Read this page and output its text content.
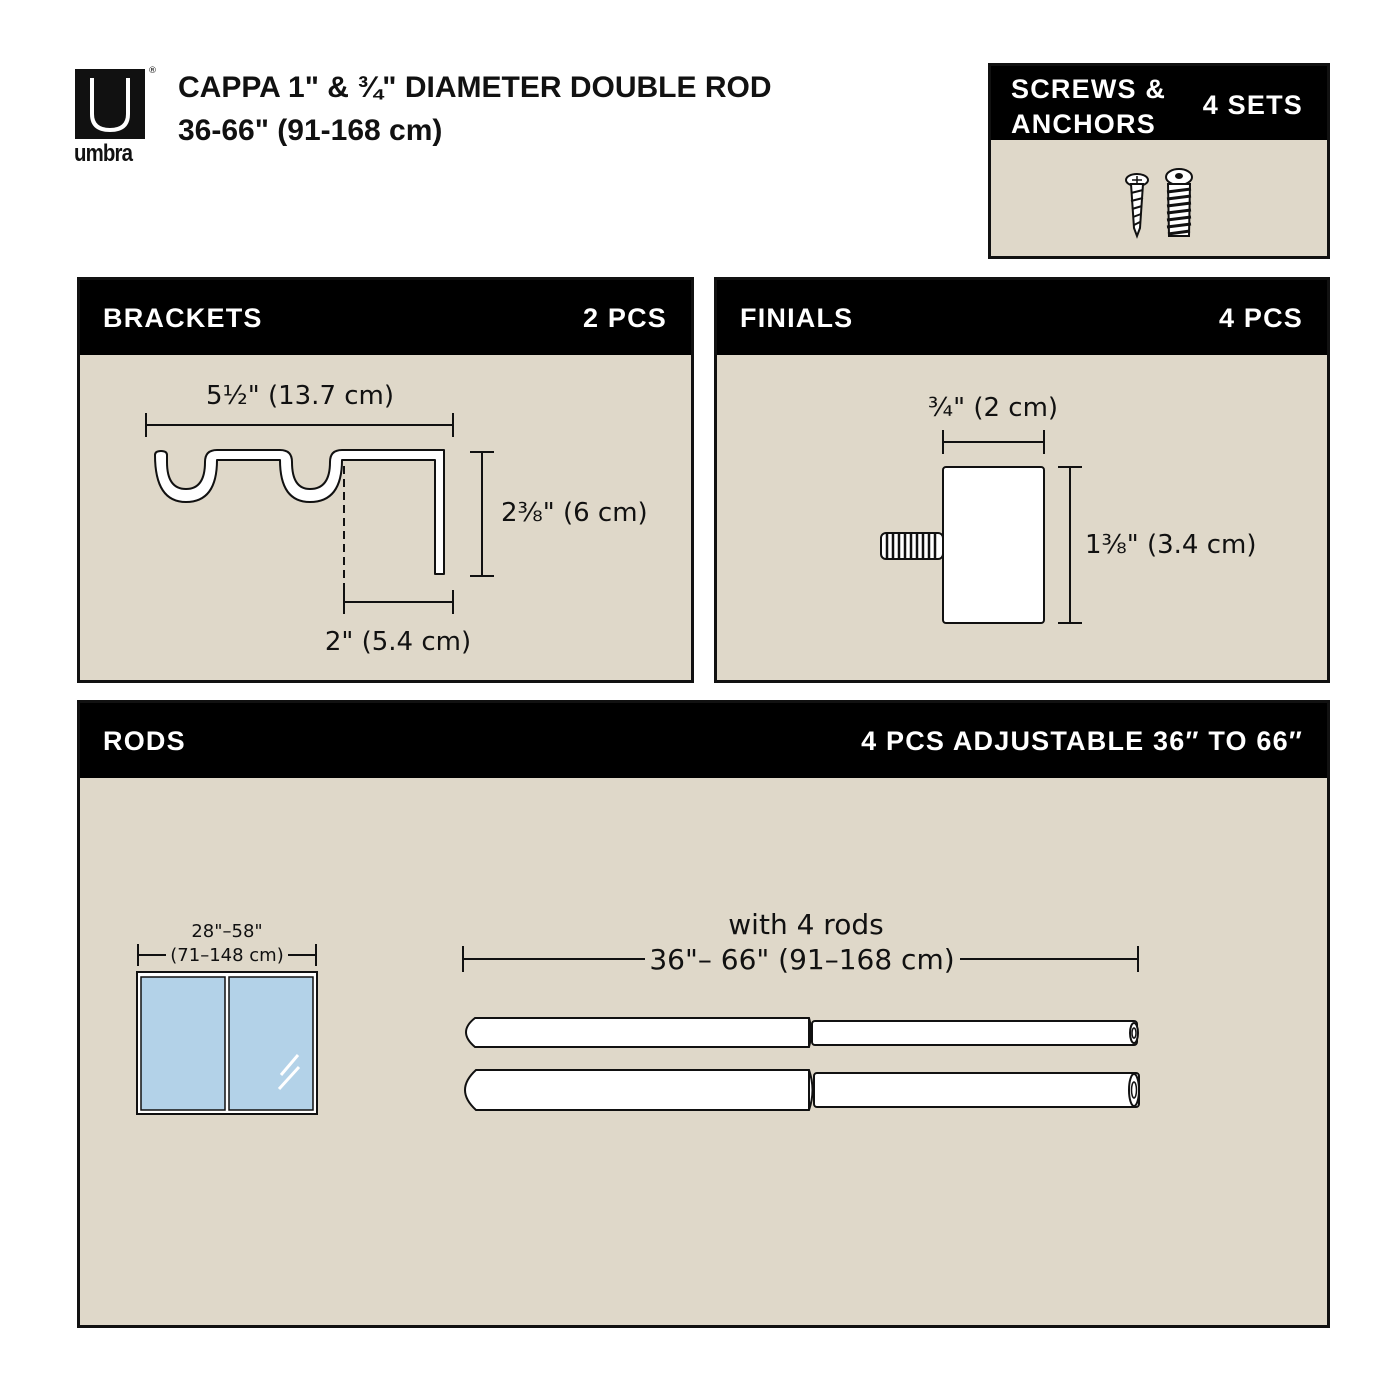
®
umbra
CAPPA 1" & ¾" DIAMETER DOUBLE ROD
36-66" (91-168 cm)
SCREWS &
ANCHORS
4 SETS
BRACKETS	2 PCS
5½" (13.7 cm)
2⅜" (6 cm)
2" (5.4 cm)
FINIALS	4 PCS
¾" (2 cm)
1⅜" (3.4 cm)
RODS	4 PCS ADJUSTABLE 36″ TO 66″
28"–58"
(71–148 cm)
with 4 rods
36"– 66" (91–168 cm)
